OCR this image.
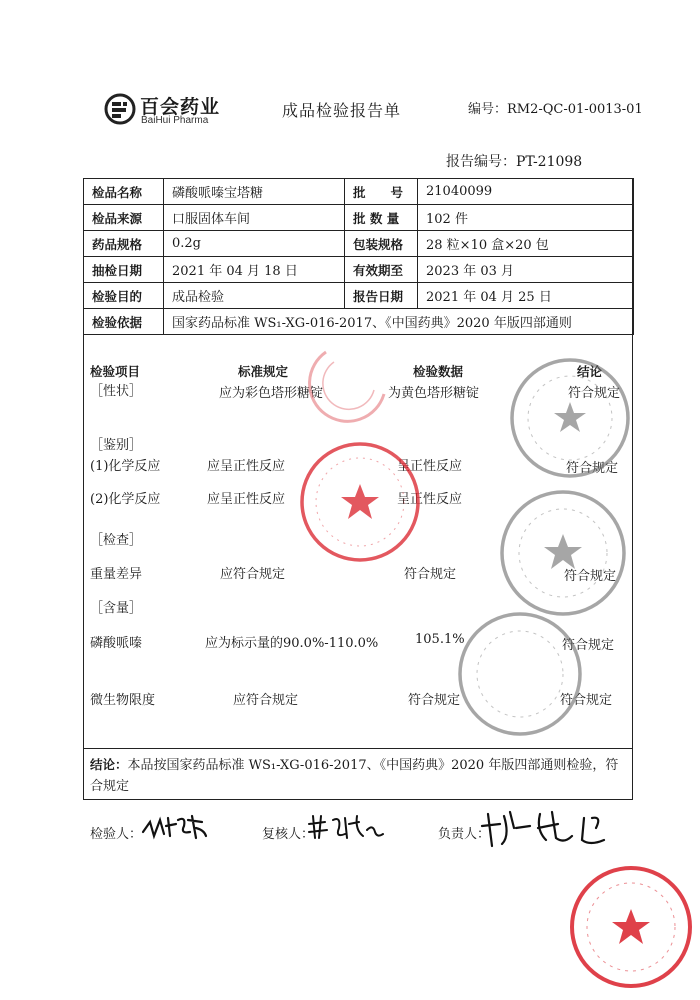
百会药业
BaiHui Pharma
成品检验报告单	编号：RM2-QC-01-0013-01
报告编号：PT-21098
检品名称	磷酸哌嗪宝塔糖	批　　号	21040099
检品来源	口服固体车间	批 数 量	102 件
药品规格	0.2g	包装规格	28 粒×10 盒×20 包
抽检日期	2021 年 04 月 18 日	有效期至	2023 年 03 月
检验目的	成品检验	报告日期	2021 年 04 月 25 日
检验依据	国家药品标准 WS₁-XG-016-2017、《中国药典》2020 年版四部通则		
检验项目	标准规定	检验数据	结论
［性状］	应为彩色塔形糖锭	为黄色塔形糖锭	符合规定
［鉴别］
(1)化学反应	应呈正性反应	呈正性反应	符合规定
(2)化学反应	应呈正性反应	呈正性反应
［检查］
重量差异	应符合规定	符合规定	符合规定
［含量］
磷酸哌嗪	应为标示量的90.0%-110.0%	105.1%	符合规定
微生物限度	应符合规定	符合规定	符合规定
结论：本品按国家药品标准 WS₁-XG-016-2017、《中国药典》2020 年版四部通则检验，符合规定
检验人：	复核人：	负责人：
